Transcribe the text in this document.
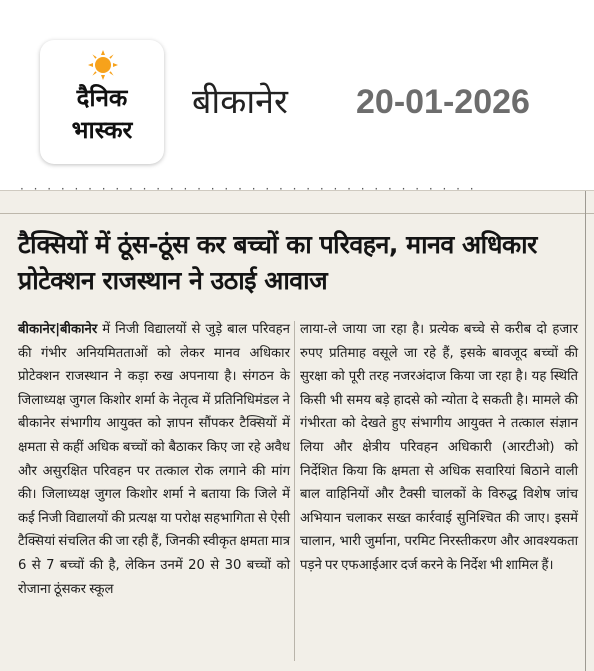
दैनिक
भास्कर
बीकानेर 20-01-2026
· · · · · · · · · · · · · · · · · · · · · · · · · · · · · · · · · ·
टैक्सियों में ठूंस-ठूंस कर बच्चों का परिवहन, मानव अधिकार प्रोटेक्शन राजस्थान ने उठाई आवाज
बीकानेर|बीकानेर में निजी विद्यालयों से जुड़े बाल परिवहन की गंभीर अनियमितताओं को लेकर मानव अधिकार प्रोटेक्शन राजस्थान ने कड़ा रुख अपनाया है। संगठन के जिलाध्यक्ष जुगल किशोर शर्मा के नेतृत्व में प्रतिनिधिमंडल ने बीकानेर संभागीय आयुक्त को ज्ञापन सौंपकर टैक्सियों में क्षमता से कहीं अधिक बच्चों को बैठाकर किए जा रहे अवैध और असुरक्षित परिवहन पर तत्काल रोक लगाने की मांग की। जिलाध्यक्ष जुगल किशोर शर्मा ने बताया कि जिले में कई निजी विद्यालयों की प्रत्यक्ष या परोक्ष सहभागिता से ऐसी टैक्सियां संचलित की जा रही हैं, जिनकी स्वीकृत क्षमता मात्र 6 से 7 बच्चों की है, लेकिन उनमें 20 से 30 बच्चों को रोजाना ठूंसकर स्कूल
लाया-ले जाया जा रहा है। प्रत्येक बच्चे से करीब दो हजार रुपए प्रतिमाह वसूले जा रहे हैं, इसके बावजूद बच्चों की सुरक्षा को पूरी तरह नजरअंदाज किया जा रहा है। यह स्थिति किसी भी समय बड़े हादसे को न्योता दे सकती है। मामले की गंभीरता को देखते हुए संभागीय आयुक्त ने तत्काल संज्ञान लिया और क्षेत्रीय परिवहन अधिकारी (आरटीओ) को निर्देशित किया कि क्षमता से अधिक सवारियां बिठाने वाली बाल वाहिनियों और टैक्सी चालकों के विरुद्ध विशेष जांच अभियान चलाकर सख्त कार्रवाई सुनिश्चित की जाए। इसमें चालान, भारी जुर्माना, परमिट निरस्तीकरण और आवश्यकता पड़ने पर एफआईआर दर्ज करने के निर्देश भी शामिल हैं।
